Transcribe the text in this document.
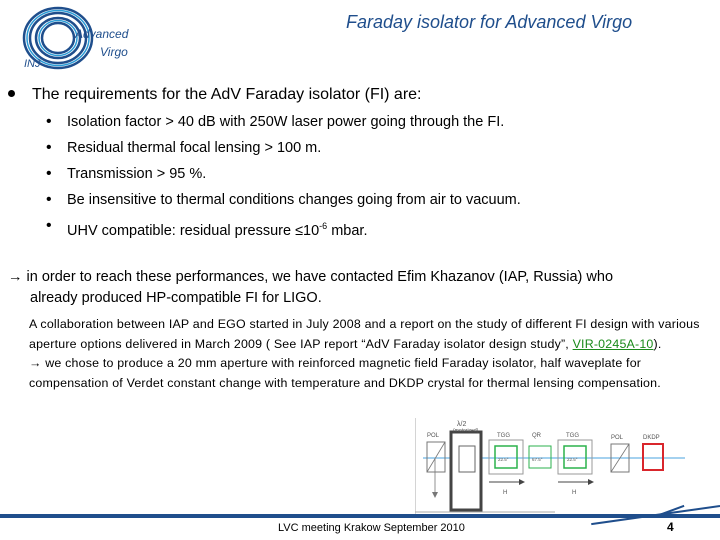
Advanced
Virgo
INJ
Faraday isolator for Advanced Virgo
The requirements for the AdV Faraday isolator (FI) are:
• Isolation factor > 40 dB with 250W laser power going through the FI.
• Residual thermal focal lensing > 100 m.
• Transmission > 95 %.
• Be insensitive to thermal conditions changes going from air to vacuum.
• UHV compatible: residual pressure $\le 10^{-6}$ mbar.
→ in order to reach these performances, we have contacted Efim Khazanov (IAP, Russia) who
already produced HP-compatible FI for LIGO.
A collaboration between IAP and EGO started in July 2008 and a report on the study of different FI design with various aperture options delivered in March 2009 ( See IAP report “AdV Faraday isolator design study”, VIR-0245A-10).
→ we chose to produce a 20 mm aperture with reinforced magnetic field Faraday isolator, half waveplate for compensation of Verdet constant change with temperature and DKDP crystal for thermal lensing compensation.
POL
λ/2
(motorized)
TGG	QR	TGG	POL	DKDP
22.5°	67.5°	22.5°
H	H
LVC meeting Krakow September 2010	4
